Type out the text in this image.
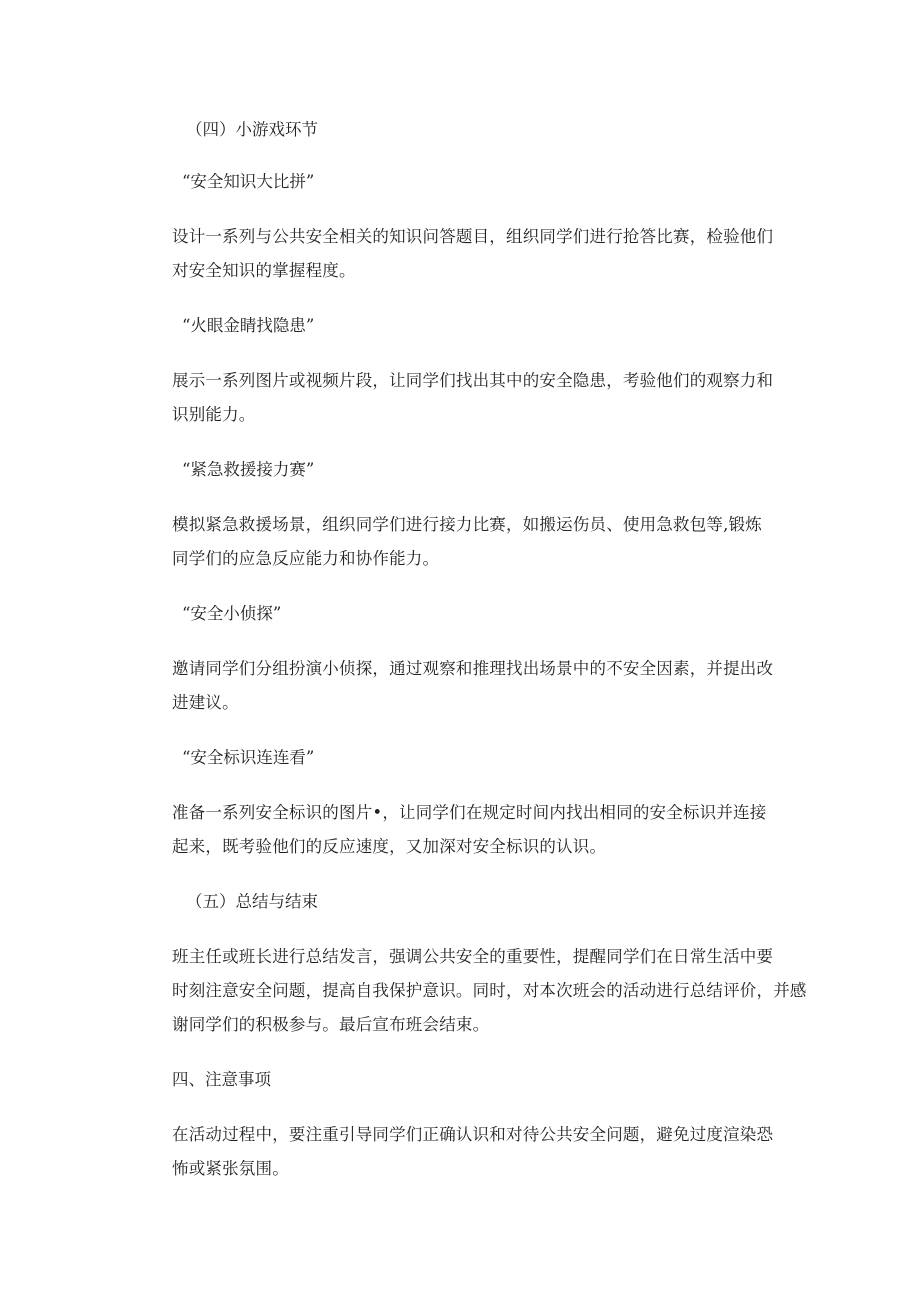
（四）小游戏环节
“安全知识大比拼”
设计一系列与公共安全相关的知识问答题目，组织同学们进行抢答比赛，检验他们
对安全知识的掌握程度。
“火眼金睛找隐患”
展示一系列图片或视频片段，让同学们找出其中的安全隐患，考验他们的观察力和
识别能力。
“紧急救援接力赛”
模拟紧急救援场景，组织同学们进行接力比赛，如搬运伤员、使用急救包等,锻炼
同学们的应急反应能力和协作能力。
“安全小侦探”
邀请同学们分组扮演小侦探，通过观察和推理找出场景中的不安全因素，并提出改
进建议。
“安全标识连连看”
准备一系列安全标识的图片•，让同学们在规定时间内找出相同的安全标识并连接
起来，既考验他们的反应速度，又加深对安全标识的认识。
（五）总结与结束
班主任或班长进行总结发言，强调公共安全的重要性，提醒同学们在日常生活中要
时刻注意安全问题，提高自我保护意识。同时，对本次班会的活动进行总结评价，并感
谢同学们的积极参与。最后宣布班会结束。
四、注意事项
在活动过程中，要注重引导同学们正确认识和对待公共安全问题，避免过度渲染恐
怖或紧张氛围。
